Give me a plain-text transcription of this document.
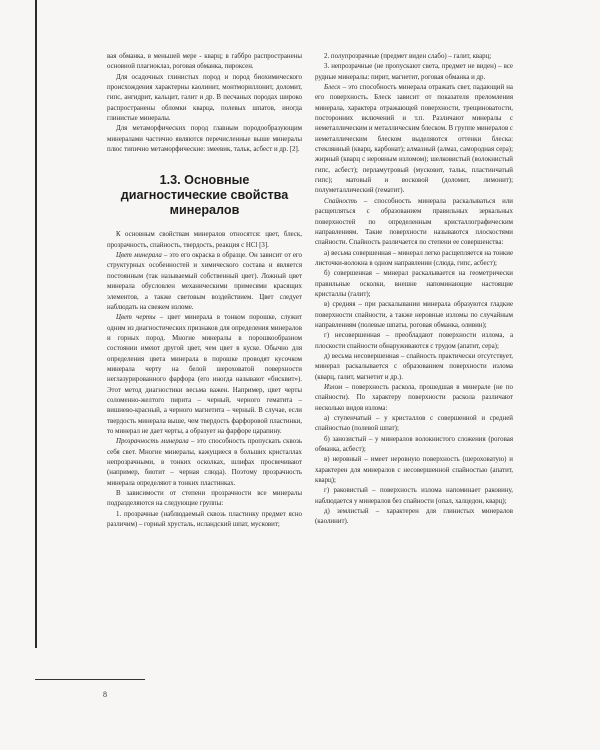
вая обманка, в меньшей мере - кварц; в габбро распространены основной плагиоклаз, роговая обманка, пироксен.

Для осадочных глинистых пород и пород биохимического происхождения характерны каолинит, монтмориллонит, доломит, гипс, ангидрит, кальцит, галит и др. В песчаных породах широко распространены обломки кварца, полевых шпатов, иногда глинистые минералы.

Для метаморфических пород главным породообразующим минералами частично являются перечисленные выше минералы плюс типично метаморфические: змеевик, тальк, асбест и др. [2].

1.3. Основные диагностические свойства минералов

К основным свойствам минералов относятся: цвет, блеск, прозрачность, спайность, твердость, реакция с HCl [3].

Цвет минерала – это его окраска в образце. Он зависит от его структурных особенностей и химического состава и является постоянным (так называемый собственный цвет). Ложный цвет минерала обусловлен механическими примесями красящих элементов, а также световым воздействием. Цвет следует наблюдать на свежем изломе.

Цвет черты – цвет минерала в тонком порошке, служит одним из диагностических признаков для определения минералов и горных пород. Многие минералы в порошкообразном состоянии имеют другой цвет, чем цвет в куске. Обычно для определения цвета минерала в порошке проводят кусочком минерала черту на белой шероховатой поверхности неглазурированного фарфора (его иногда называют «бисквит»). Этот метод диагностики весьма важен. Например, цвет черты соломенно-желтого пирита – черный, черного гематита – вишнево-красный, а черного магнетита – черный. В случае, если твердость минерала выше, чем твердость фарфоровой пластинки, то минерал не дает черты, а образует на фарфоре царапину.

Прозрачность минерала – это способность пропускать сквозь себя свет. Многие минералы, кажущиеся в больших кристаллах непрозрачными, в тонких осколках, шлифах просвечивают (например, биотит – черная слюда). Поэтому прозрачность минерала определяют в тонких пластинках.

В зависимости от степени прозрачности все минералы подразделяются на следующие группы:

1. прозрачные (наблюдаемый сквозь пластинку предмет ясно различим) – горный хрусталь, исландский шпат, мусковит;

2. полупрозрачные (предмет виден слабо) – галит, кварц;

3. непрозрачные (не пропускают света, предмет не виден) – все рудные минералы: пирит, магнетит, роговая обманка и др.

Блеск – это способность минерала отражать свет, падающий на его поверхность. Блеск зависит от показателя преломления минерала, характера отражающей поверхности, трещиноватости, посторонних включений и т.п. Различают минералы с неметаллическим и металлическим блеском. В группе минералов с неметаллическим блеском выделяются оттенки блеска: стеклянный (кварц, карбонат); алмазный (алмаз, самородная сера); жирный (кварц с неровным изломом); шелковистый (волокнистый гипс, асбест); перламутровый (мусковит, тальк, пластинчатый гипс); матовый и восковой (доломит, лимонит); полуметаллический (гематит).

Спайность – способность минерала раскалываться или расщепляться с образованием правильных зеркальных поверхностей по определенным кристаллографическим направлениям. Такие поверхности называются плоскостями спайности. Спайность различается по степени ее совершенства:

а) весьма совершенная – минерал легко расщепляется на тонкие листочки-волокна в одном направлении (слюда, гипс, асбест);

б) совершенная – минерал раскалывается на геометрически правильные осколки, внешне напоминающие настоящие кристаллы (галит);

в) средняя – при раскалывании минерала образуются гладкие поверхности спайности, а также неровные изломы по случайным направлениям (полевые шпаты, роговая обманка, оливин);

г) несовершенная – преобладают поверхности излома, а плоскости спайности обнаруживаются с трудом (апатит, сера);

д) весьма несовершенная – спайность практически отсутствует, минерал раскалывается с образованием поверхности излома (кварц, галит, магнетит и др.).

Излом – поверхность раскола, прошедшая в минерале (не по спайности). По характеру поверхности раскола различают несколько видов излома:

а) ступенчатый – у кристаллов с совершенной и средней спайностью (полевой шпат);

б) занозистый – у минералов волокнистого сложения (роговая обманка, асбест);

в) неровный – имеет неровную поверхность (шероховатую) и характерен для минералов с несовершенной спайностью (апатит, кварц);

г) раковистый – поверхность излома напоминает раковину, наблюдается у минералов без спайности (опал, халцедон, кварц);

д) землистый – характерен для глинистых минералов (каолинит).

8
